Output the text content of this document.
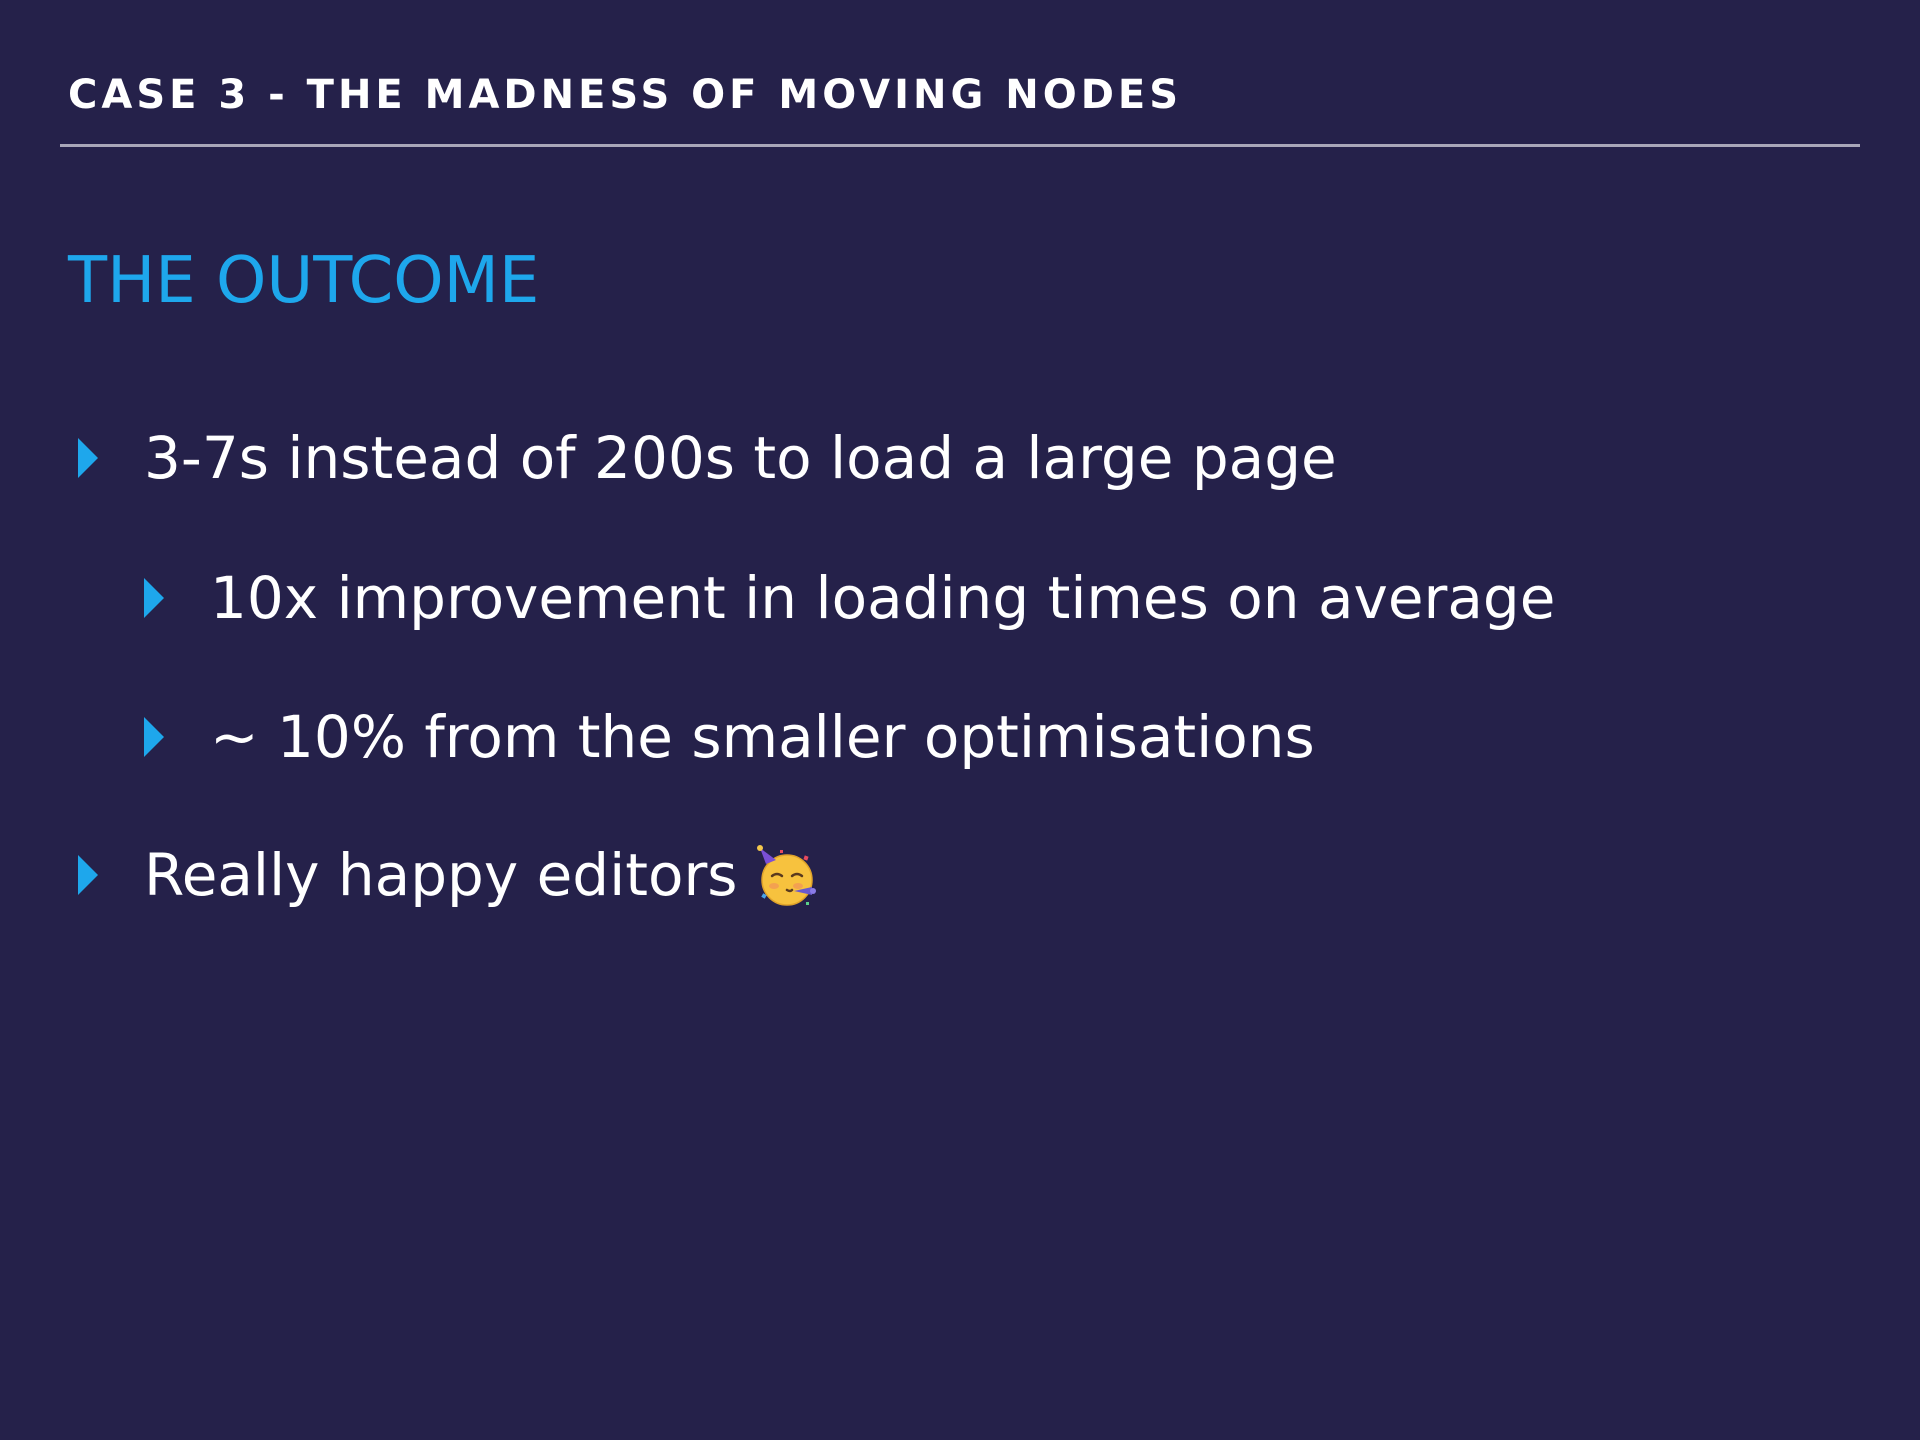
CASE 3 - THE MADNESS OF MOVING NODES
THE OUTCOME
3-7s instead of 200s to load a large page
10x improvement in loading times on average
~ 10% from the smaller optimisations
Really happy editors
